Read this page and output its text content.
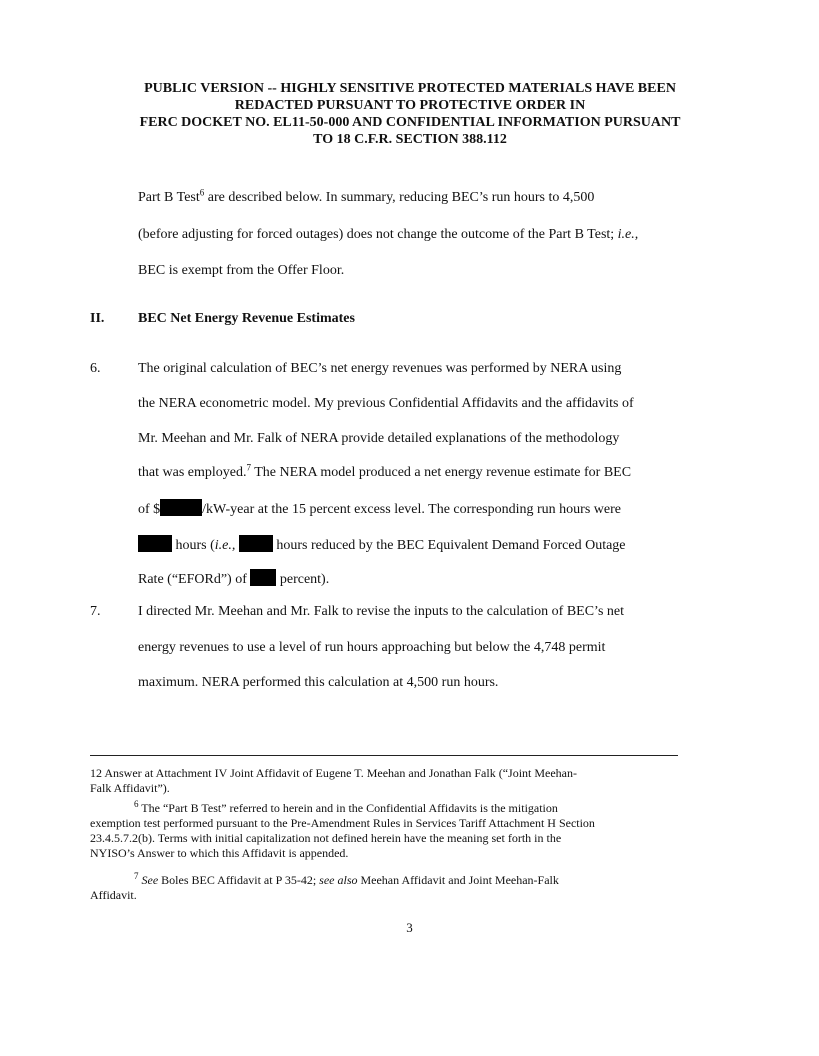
PUBLIC VERSION -- HIGHLY SENSITIVE PROTECTED MATERIALS HAVE BEEN
REDACTED PURSUANT TO PROTECTIVE ORDER IN
FERC DOCKET NO. EL11-50-000 AND CONFIDENTIAL INFORMATION PURSUANT
TO 18 C.F.R. SECTION 388.112
Part B Test$^6$ are described below. In summary, reducing BEC’s run hours to 4,500
(before adjusting for forced outages) does not change the outcome of the Part B Test; i.e.,
BEC is exempt from the Offer Floor.
II. BEC Net Energy Revenue Estimates
6.	The original calculation of BEC’s net energy revenues was performed by NERA using
the NERA econometric model. My previous Confidential Affidavits and the affidavits of
Mr. Meehan and Mr. Falk of NERA provide detailed explanations of the methodology
that was employed.$^7$ The NERA model produced a net energy revenue estimate for BEC
of $	/kW-year at the 15 percent excess level. The corresponding run hours were
hours (i.e.,	hours reduced by the BEC Equivalent Demand Forced Outage
Rate (“EFORd”) of  percent).
7.	I directed Mr. Meehan and Mr. Falk to revise the inputs to the calculation of BEC’s net
energy revenues to use a level of run hours approaching but below the 4,748 permit
maximum. NERA performed this calculation at 4,500 run hours.
12 Answer at Attachment IV Joint Affidavit of Eugene T. Meehan and Jonathan Falk (“Joint Meehan-
Falk Affidavit”).
$^6$ The “Part B Test” referred to herein and in the Confidential Affidavits is the mitigation
exemption test performed pursuant to the Pre-Amendment Rules in Services Tariff Attachment H Section
23.4.5.7.2(b). Terms with initial capitalization not defined herein have the meaning set forth in the
NYISO’s Answer to which this Affidavit is appended.
$^7$ See Boles BEC Affidavit at P 35-42; see also Meehan Affidavit and Joint Meehan-Falk
Affidavit.
3
